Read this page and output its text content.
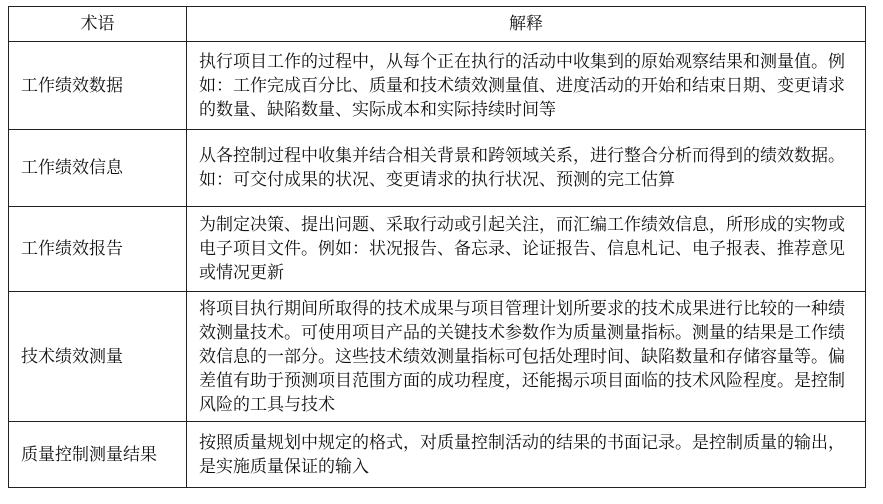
术语	解释
工作绩效数据	执行项目工作的过程中，从每个正在执行的活动中收集到的原始观察结果和测量值。例如：工作完成百分比、质量和技术绩效测量值、进度活动的开始和结束日期、变更请求的数量、缺陷数量、实际成本和实际持续时间等
工作绩效信息	从各控制过程中收集并结合相关背景和跨领域关系，进行整合分析而得到的绩效数据。如：可交付成果的状况、变更请求的执行状况、预测的完工估算
工作绩效报告	为制定决策、提出问题、采取行动或引起关注，而汇编工作绩效信息，所形成的实物或电子项目文件。例如：状况报告、备忘录、论证报告、信息札记、电子报表、推荐意见或情况更新
技术绩效测量	将项目执行期间所取得的技术成果与项目管理计划所要求的技术成果进行比较的一种绩效测量技术。可使用项目产品的关键技术参数作为质量测量指标。测量的结果是工作绩效信息的一部分。这些技术绩效测量指标可包括处理时间、缺陷数量和存储容量等。偏差值有助于预测项目范围方面的成功程度，还能揭示项目面临的技术风险程度。是控制风险的工具与技术
质量控制测量结果	按照质量规划中规定的格式，对质量控制活动的结果的书面记录。是控制质量的输出，是实施质量保证的输入
